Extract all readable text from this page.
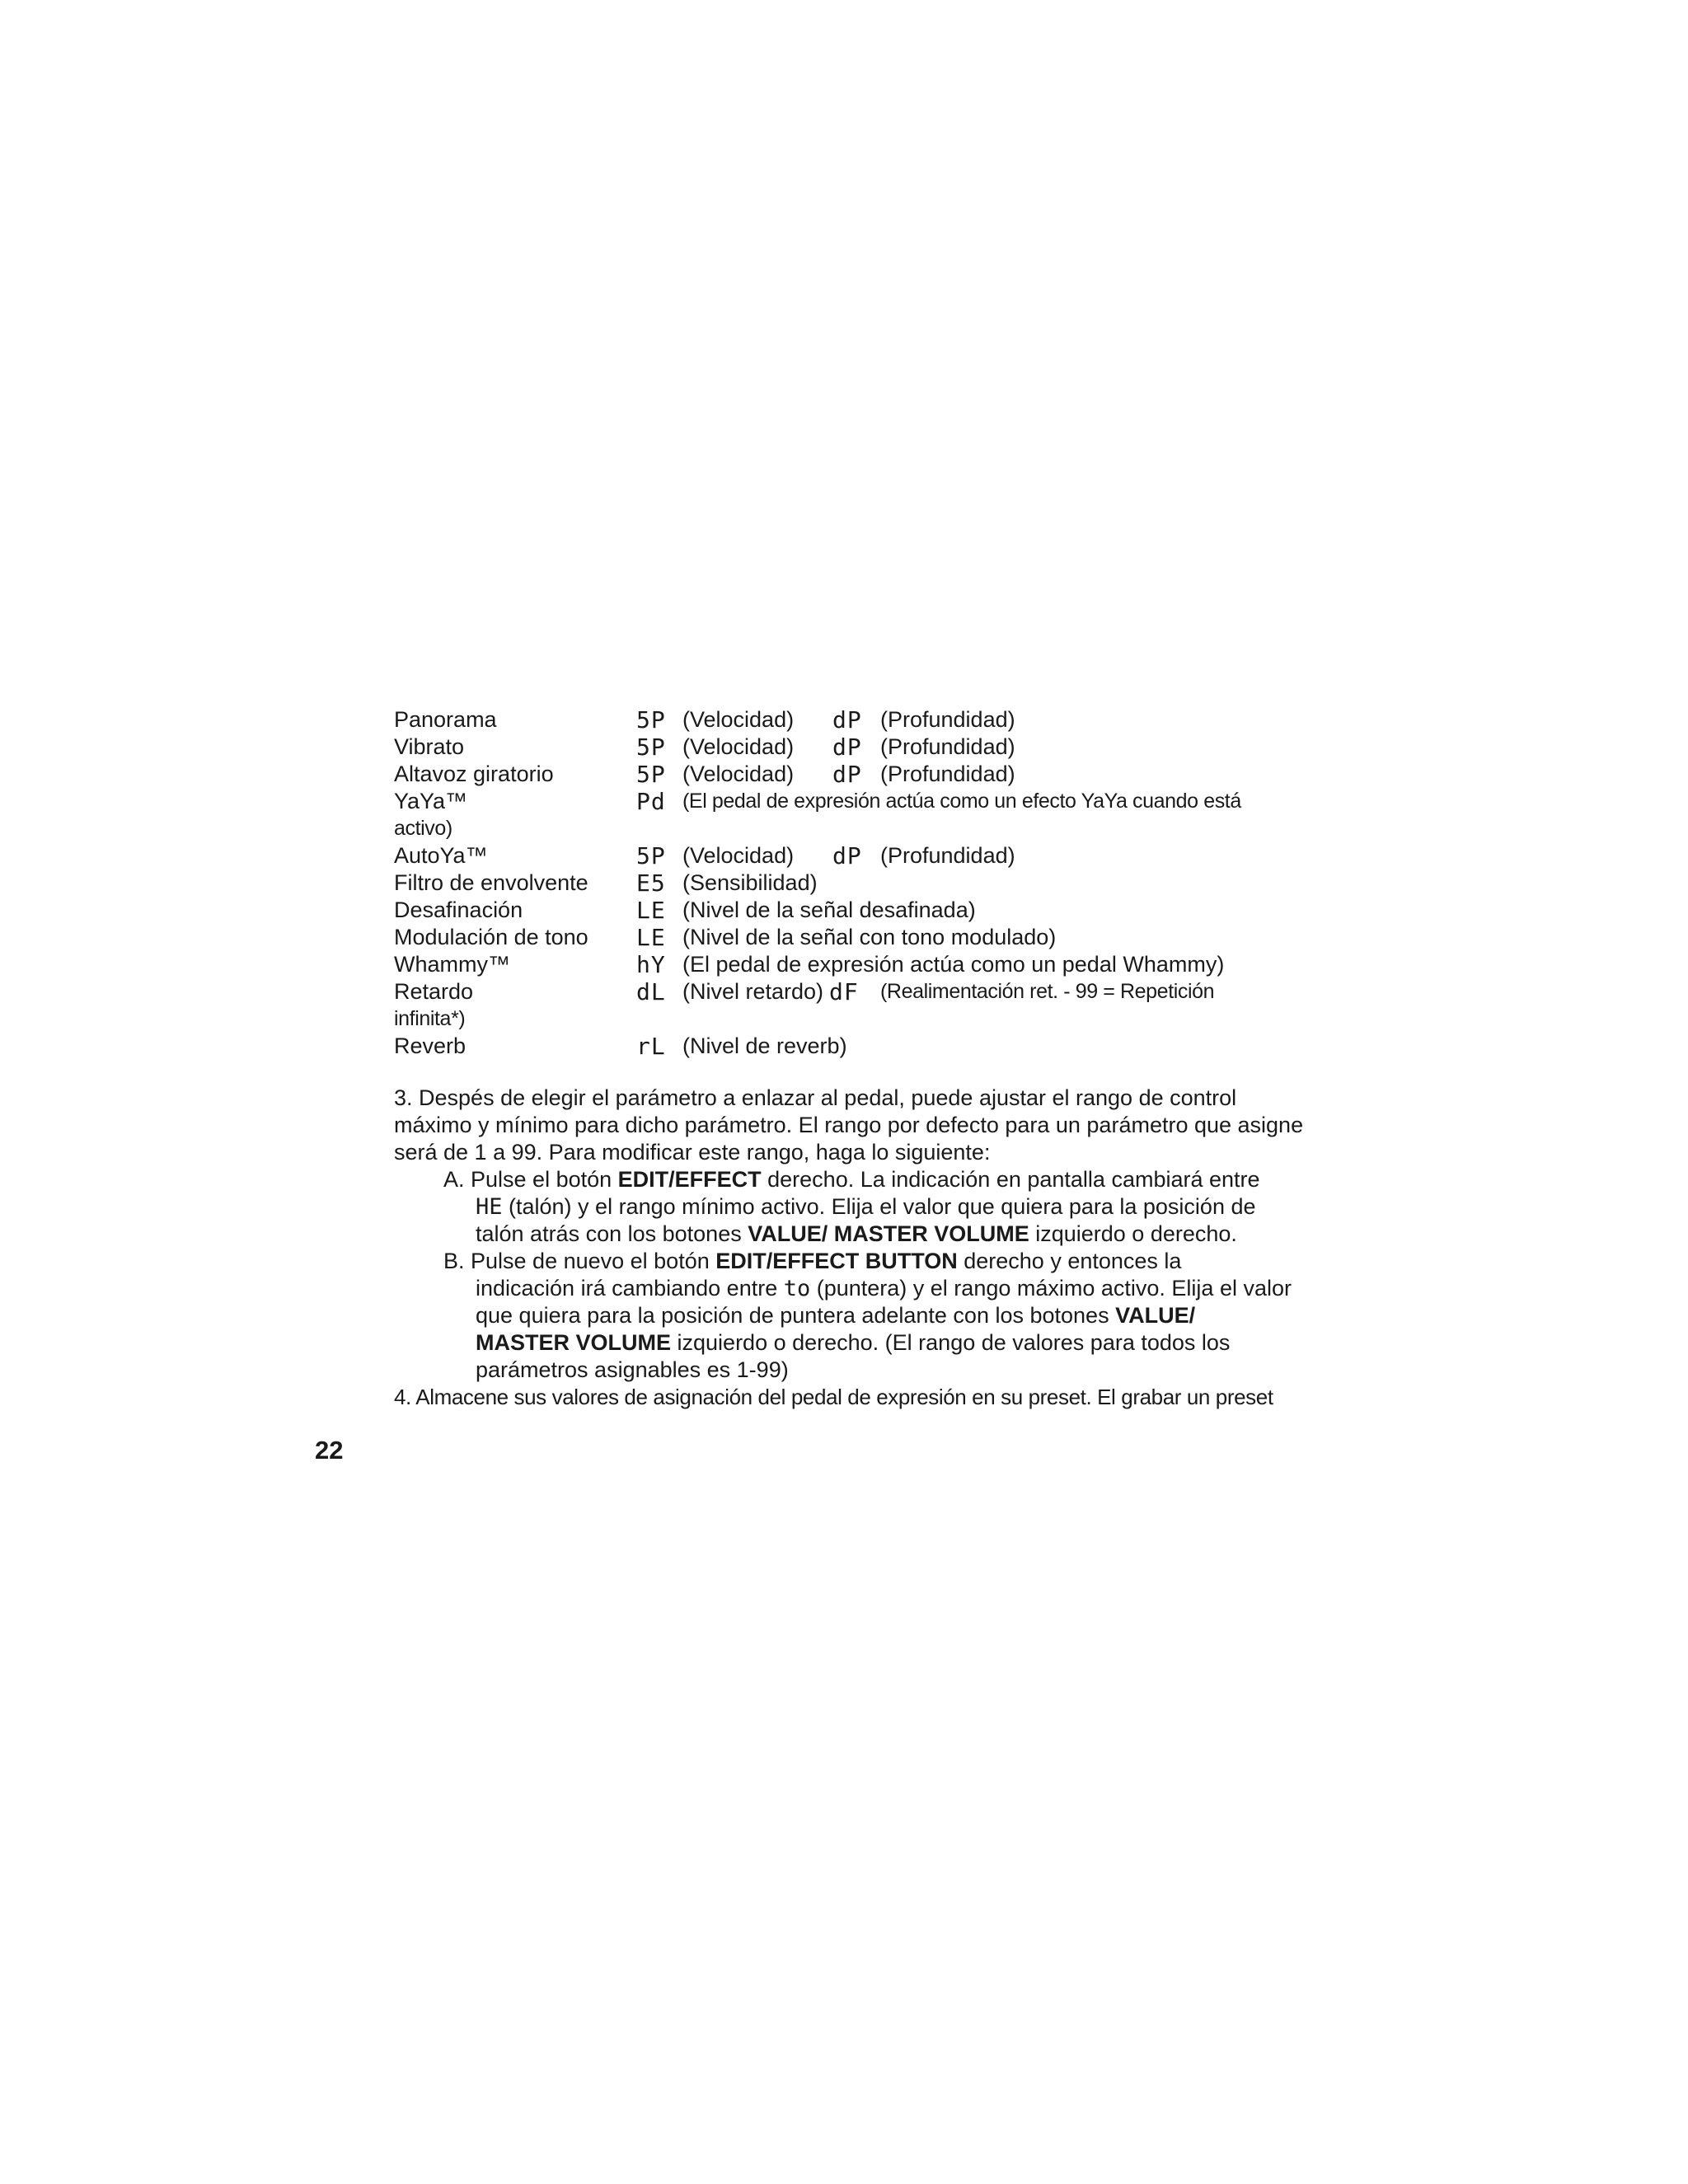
Panorama	5P (Velocidad) dP (Profundidad)
Vibrato	5P (Velocidad) dP (Profundidad)
Altavoz giratorio	5P (Velocidad) dP (Profundidad)
YaYa™	Pd (El pedal de expresión actúa como un efecto YaYa cuando está
activo)
AutoYa™	5P (Velocidad) dP (Profundidad)
Filtro de envolvente E5 (Sensibilidad)
Desafinación	LE (Nivel de la señal desafinada)
Modulación de tono LE (Nivel de la señal con tono modulado)
Whammy™	hY (El pedal de expresión actúa como un pedal Whammy)
Retardo	dL (Nivel retardo) dF (Realimentación ret. - 99 = Repetición
infinita*)
Reverb	rL (Nivel de reverb)
3. Despés de elegir el parámetro a enlazar al pedal, puede ajustar el rango de control
máximo y mínimo para dicho parámetro. El rango por defecto para un parámetro que asigne
será de 1 a 99. Para modificar este rango, haga lo siguiente:
A. Pulse el botón EDIT/EFFECT derecho. La indicación en pantalla cambiará entre
HE (talón) y el rango mínimo activo. Elija el valor que quiera para la posición de
talón atrás con los botones VALUE/ MASTER VOLUME izquierdo o derecho.
B. Pulse de nuevo el botón EDIT/EFFECT BUTTON derecho y entonces la
indicación irá cambiando entre to (puntera) y el rango máximo activo. Elija el valor
que quiera para la posición de puntera adelante con los botones VALUE/
MASTER VOLUME izquierdo o derecho. (El rango de valores para todos los
parámetros asignables es 1-99)
4. Almacene sus valores de asignación del pedal de expresión en su preset. El grabar un preset
22
